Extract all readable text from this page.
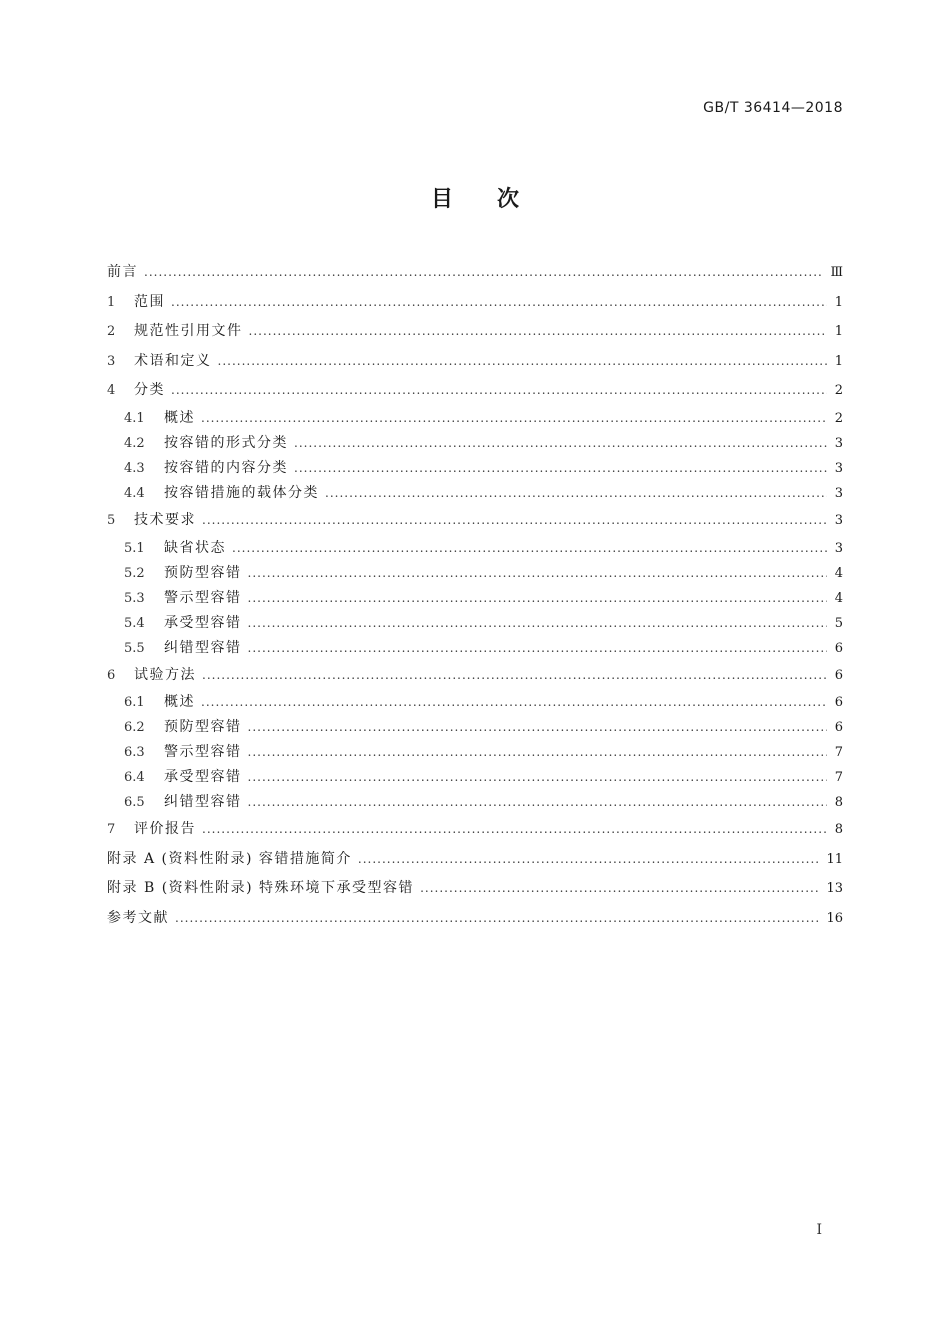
GB/T 36414—2018
目 次
前言 .....	Ⅲ
1	范围 .....	1
2	规范性引用文件 .....	1
3	术语和定义 .....	1
4	分类 .....	2
4.1	概述 .....	2
4.2	按容错的形式分类 .....	3
4.3	按容错的内容分类 .....	3
4.4	按容错措施的载体分类 .....	3
5	技术要求 .....	3
5.1	缺省状态 .....	3
5.2	预防型容错 .....	4
5.3	警示型容错 .....	4
5.4	承受型容错 .....	5
5.5	纠错型容错 .....	6
6	试验方法 .....	6
6.1	概述 .....	6
6.2	预防型容错 .....	6
6.3	警示型容错 .....	7
6.4	承受型容错 .....	7
6.5	纠错型容错 .....	8
7	评价报告 .....	8
附录 A (资料性附录) 容错措施简介 .....	11
附录 B (资料性附录) 特殊环境下承受型容错 .....	13
参考文献 .....	16
I
